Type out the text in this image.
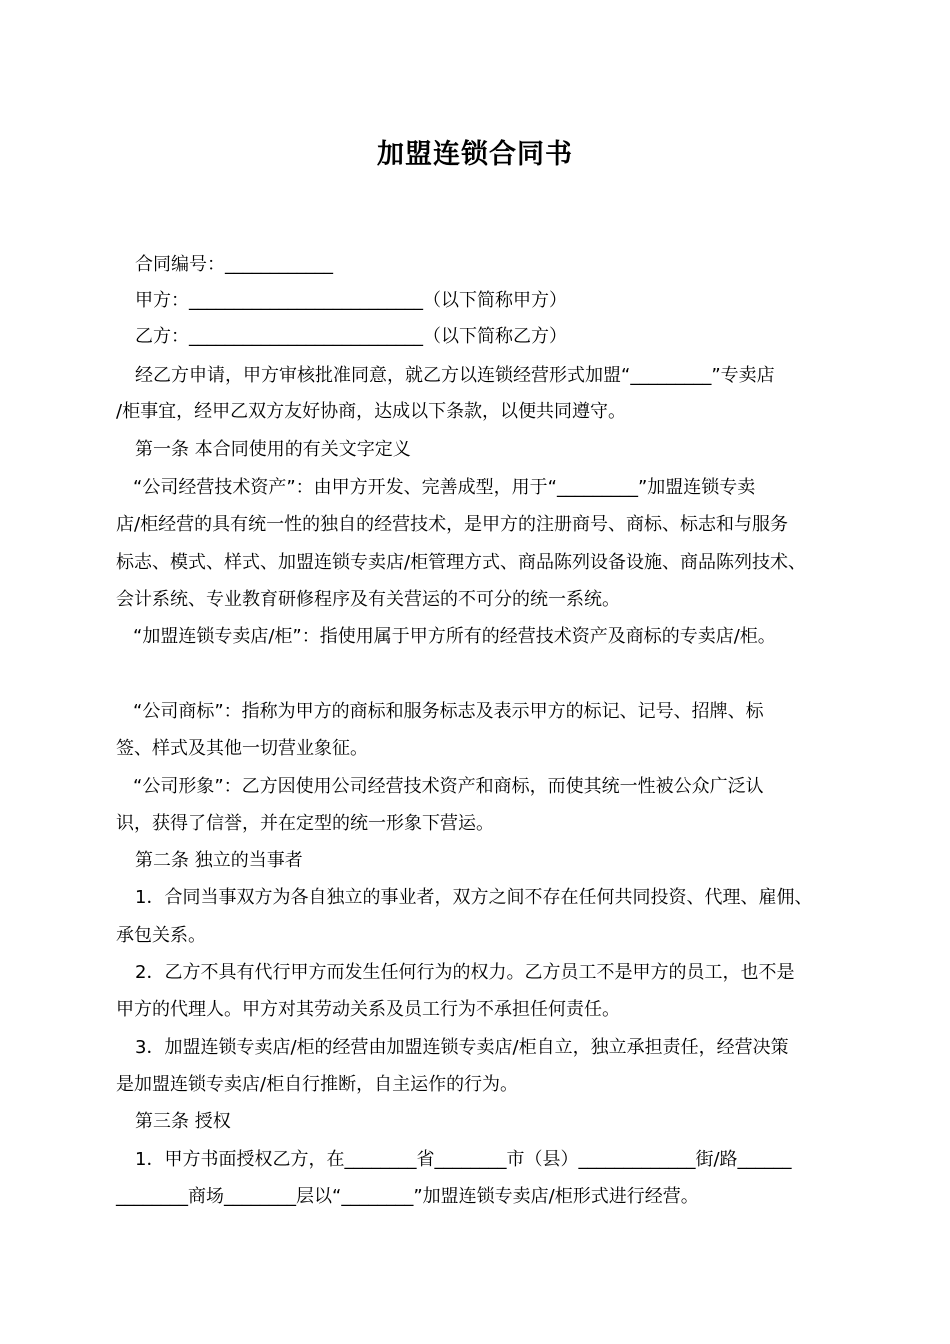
加盟连锁合同书
合同编号：____________
甲方：__________________________（以下简称甲方）
乙方：__________________________（以下简称乙方）
经乙方申请，甲方审核批准同意，就乙方以连锁经营形式加盟“_________”专卖店
/柜事宜，经甲乙双方友好协商，达成以下条款，以便共同遵守。
第一条 本合同使用的有关文字定义
“公司经营技术资产”：由甲方开发、完善成型，用于“_________”加盟连锁专卖
店/柜经营的具有统一性的独自的经营技术，是甲方的注册商号、商标、标志和与服务
标志、模式、样式、加盟连锁专卖店/柜管理方式、商品陈列设备设施、商品陈列技术、
会计系统、专业教育研修程序及有关营运的不可分的统一系统。
“加盟连锁专卖店/柜”：指使用属于甲方所有的经营技术资产及商标的专卖店/柜。
“公司商标”：指称为甲方的商标和服务标志及表示甲方的标记、记号、招牌、标
签、样式及其他一切营业象征。
“公司形象”：乙方因使用公司经营技术资产和商标，而使其统一性被公众广泛认
识，获得了信誉，并在定型的统一形象下营运。
第二条 独立的当事者
1．合同当事双方为各自独立的事业者，双方之间不存在任何共同投资、代理、雇佣、
承包关系。
2．乙方不具有代行甲方而发生任何行为的权力。乙方员工不是甲方的员工，也不是
甲方的代理人。甲方对其劳动关系及员工行为不承担任何责任。
3．加盟连锁专卖店/柜的经营由加盟连锁专卖店/柜自立，独立承担责任，经营决策
是加盟连锁专卖店/柜自行推断，自主运作的行为。
第三条 授权
1．甲方书面授权乙方，在________省________市（县）_____________街/路______
________商场________层以“________”加盟连锁专卖店/柜形式进行经营。
